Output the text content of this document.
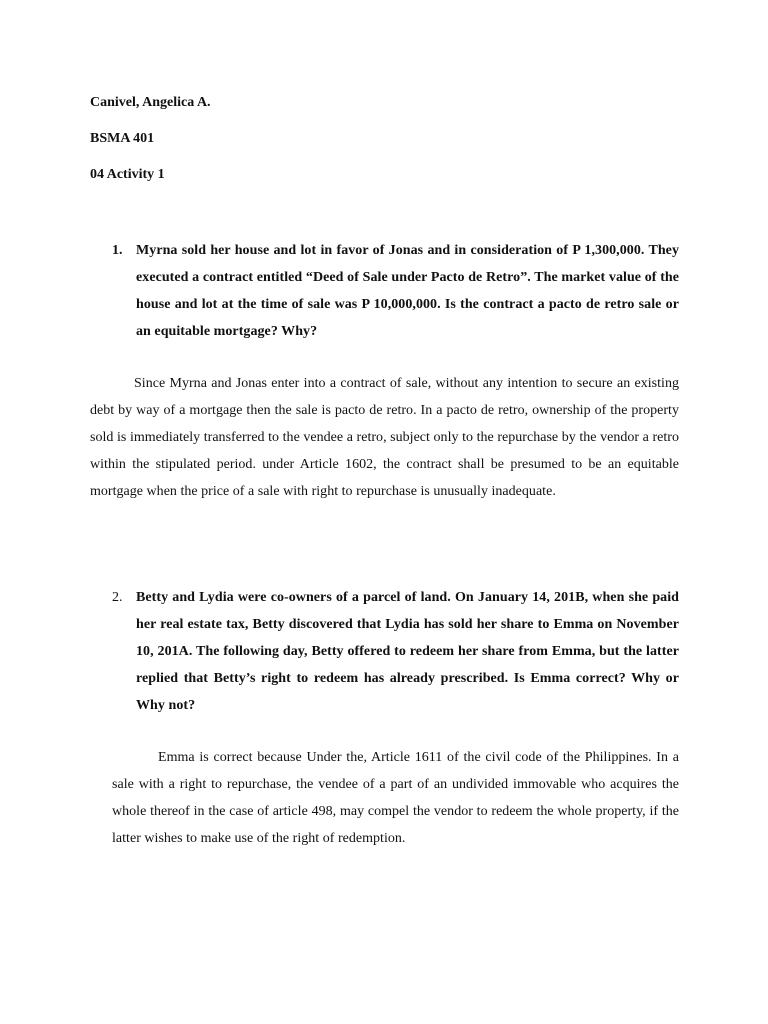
Canivel, Angelica A.
BSMA 401
04 Activity 1
1. Myrna sold her house and lot in favor of Jonas and in consideration of P 1,300,000. They executed a contract entitled “Deed of Sale under Pacto de Retro”. The market value of the house and lot at the time of sale was P 10,000,000. Is the contract a pacto de retro sale or an equitable mortgage? Why?
Since Myrna and Jonas enter into a contract of sale, without any intention to secure an existing debt by way of a mortgage then the sale is pacto de retro. In a pacto de retro, ownership of the property sold is immediately transferred to the vendee a retro, subject only to the repurchase by the vendor a retro within the stipulated period. under Article 1602, the contract shall be presumed to be an equitable mortgage when the price of a sale with right to repurchase is unusually inadequate.
2. Betty and Lydia were co-owners of a parcel of land. On January 14, 201B, when she paid her real estate tax, Betty discovered that Lydia has sold her share to Emma on November 10, 201A. The following day, Betty offered to redeem her share from Emma, but the latter replied that Betty’s right to redeem has already prescribed. Is Emma correct? Why or Why not?
Emma is correct because Under the, Article 1611 of the civil code of the Philippines. In a sale with a right to repurchase, the vendee of a part of an undivided immovable who acquires the whole thereof in the case of article 498, may compel the vendor to redeem the whole property, if the latter wishes to make use of the right of redemption.
